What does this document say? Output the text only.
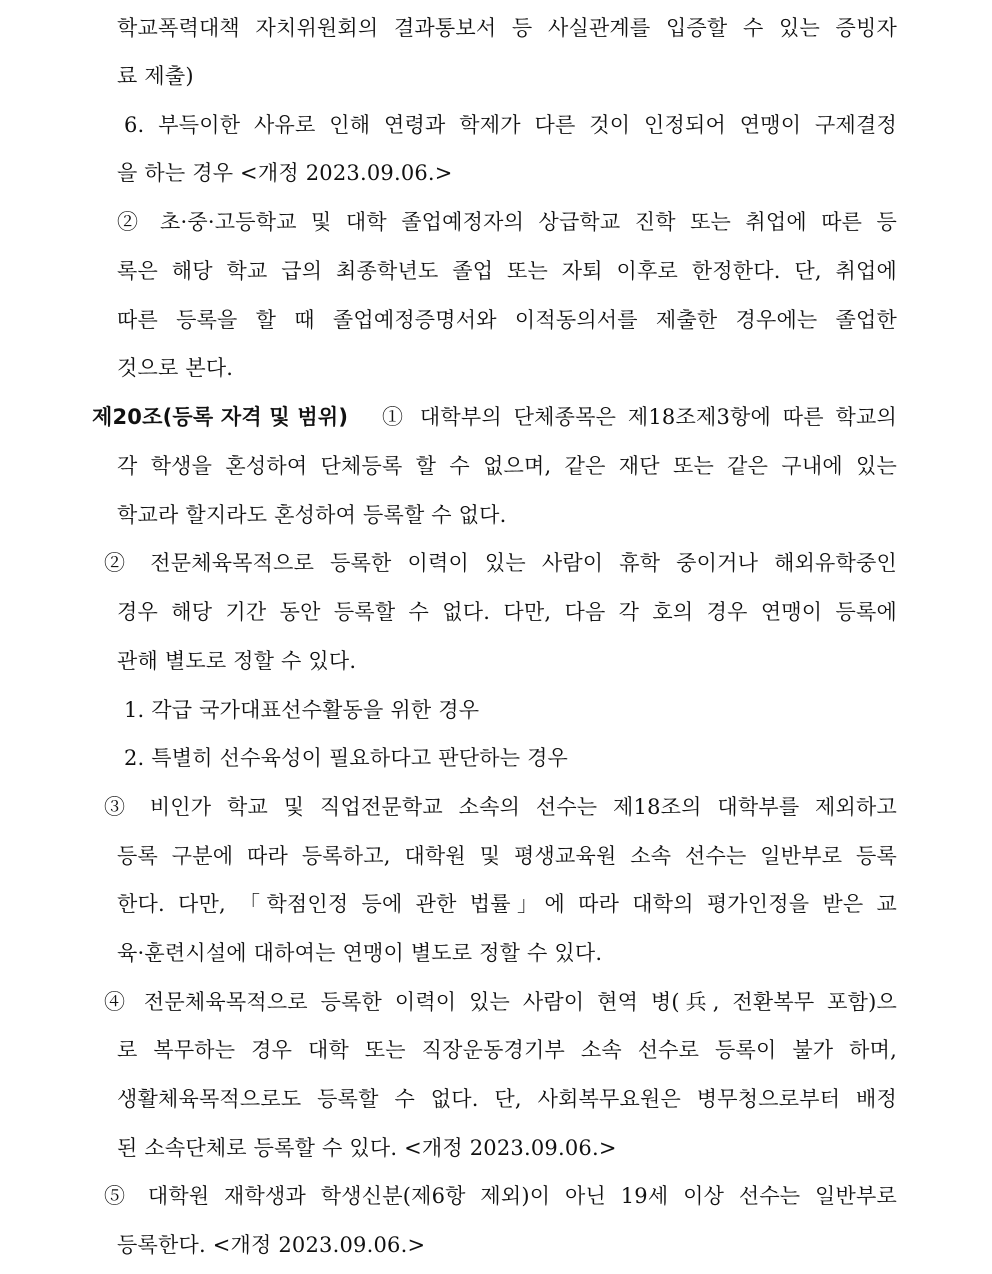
학교폭력대책 자치위원회의 결과통보서 등 사실관계를 입증할 수 있는 증빙자
료 제출)
6. 부득이한 사유로 인해 연령과 학제가 다른 것이 인정되어 연맹이 구제결정
을 하는 경우 <개정 2023.09.06.>
② 초·중·고등학교 및 대학 졸업예정자의 상급학교 진학 또는 취업에 따른 등
록은 해당 학교 급의 최종학년도 졸업 또는 자퇴 이후로 한정한다. 단, 취업에
따른 등록을 할 때 졸업예정증명서와 이적동의서를 제출한 경우에는 졸업한
것으로 본다.
제20조(등록 자격 및 범위) ① 대학부의 단체종목은 제18조제3항에 따른 학교의
각 학생을 혼성하여 단체등록 할 수 없으며, 같은 재단 또는 같은 구내에 있는
학교라 할지라도 혼성하여 등록할 수 없다.
② 전문체육목적으로 등록한 이력이 있는 사람이 휴학 중이거나 해외유학중인
경우 해당 기간 동안 등록할 수 없다. 다만, 다음 각 호의 경우 연맹이 등록에
관해 별도로 정할 수 있다.
1. 각급 국가대표선수활동을 위한 경우
2. 특별히 선수육성이 필요하다고 판단하는 경우
③ 비인가 학교 및 직업전문학교 소속의 선수는 제18조의 대학부를 제외하고
등록 구분에 따라 등록하고, 대학원 및 평생교육원 소속 선수는 일반부로 등록
한다. 다만, 「학점인정 등에 관한 법률」에 따라 대학의 평가인정을 받은 교
육·훈련시설에 대하여는 연맹이 별도로 정할 수 있다.
④ 전문체육목적으로 등록한 이력이 있는 사람이 현역 병(兵, 전환복무 포함)으
로 복무하는 경우 대학 또는 직장운동경기부 소속 선수로 등록이 불가 하며,
생활체육목적으로도 등록할 수 없다. 단, 사회복무요원은 병무청으로부터 배정
된 소속단체로 등록할 수 있다. <개정 2023.09.06.>
⑤ 대학원 재학생과 학생신분(제6항 제외)이 아닌 19세 이상 선수는 일반부로
등록한다. <개정 2023.09.06.>
